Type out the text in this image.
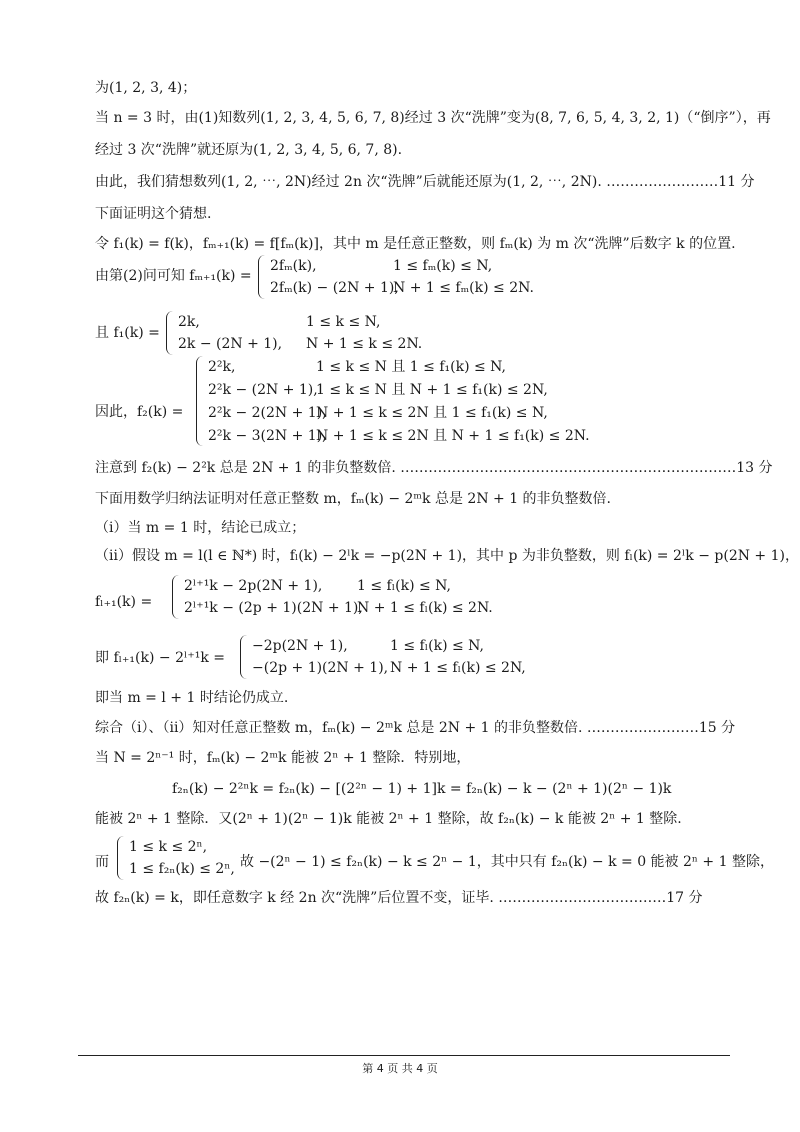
为(1, 2, 3, 4)；
当 n = 3 时，由(1)知数列(1, 2, 3, 4, 5, 6, 7, 8)经过 3 次“洗牌”变为(8, 7, 6, 5, 4, 3, 2, 1)（“倒序”），再
经过 3 次“洗牌”就还原为(1, 2, 3, 4, 5, 6, 7, 8).
由此，我们猜想数列(1, 2, ⋯, 2N)经过 2n 次“洗牌”后就能还原为(1, 2, ⋯, 2N). ……………………11 分
下面证明这个猜想.
令 f₁(k) = f(k)，fₘ₊₁(k) = f[fₘ(k)]，其中 m 是任意正整数，则 fₘ(k) 为 m 次“洗牌”后数字 k 的位置.
由第(2)问可知 fₘ₊₁(k) =
2fₘ(k),
2fₘ(k) − (2N + 1),
1 ≤ fₘ(k) ≤ N,
N + 1 ≤ fₘ(k) ≤ 2N.
且 f₁(k) =
2k,
2k − (2N + 1),
1 ≤ k ≤ N,
N + 1 ≤ k ≤ 2N.
因此，f₂(k) =
2²k,
2²k − (2N + 1),
2²k − 2(2N + 1),
2²k − 3(2N + 1),
1 ≤ k ≤ N 且 1 ≤ f₁(k) ≤ N,
1 ≤ k ≤ N 且 N + 1 ≤ f₁(k) ≤ 2N,
N + 1 ≤ k ≤ 2N 且 1 ≤ f₁(k) ≤ N,
N + 1 ≤ k ≤ 2N 且 N + 1 ≤ f₁(k) ≤ 2N.
注意到 f₂(k) − 2²k 总是 2N + 1 的非负整数倍. ………………………………………………………………13 分
下面用数学归纳法证明对任意正整数 m，fₘ(k) − 2ᵐk 总是 2N + 1 的非负整数倍.
（ⅰ）当 m = 1 时，结论已成立；
（ⅱ）假设 m = l(l ∈ ℕ*) 时，fₗ(k) − 2ˡk = −p(2N + 1)，其中 p 为非负整数，则 fₗ(k) = 2ˡk − p(2N + 1)，
fₗ₊₁(k) =
2ˡ⁺¹k − 2p(2N + 1),
2ˡ⁺¹k − (2p + 1)(2N + 1),
1 ≤ fₗ(k) ≤ N,
N + 1 ≤ fₗ(k) ≤ 2N.
即 fₗ₊₁(k) − 2ˡ⁺¹k =
−2p(2N + 1),
−(2p + 1)(2N + 1),
1 ≤ fₗ(k) ≤ N,
N + 1 ≤ fₗ(k) ≤ 2N,
即当 m = l + 1 时结论仍成立.
综合（ⅰ）、（ⅱ）知对任意正整数 m，fₘ(k) − 2ᵐk 总是 2N + 1 的非负整数倍. ……………………15 分
当 N = 2ⁿ⁻¹ 时，fₘ(k) − 2ᵐk 能被 2ⁿ + 1 整除．特别地，
f₂ₙ(k) − 2²ⁿk = f₂ₙ(k) − [(2²ⁿ − 1) + 1]k = f₂ₙ(k) − k − (2ⁿ + 1)(2ⁿ − 1)k
能被 2ⁿ + 1 整除．又(2ⁿ + 1)(2ⁿ − 1)k 能被 2ⁿ + 1 整除，故 f₂ₙ(k) − k 能被 2ⁿ + 1 整除.
而
1 ≤ k ≤ 2ⁿ,
1 ≤ f₂ₙ(k) ≤ 2ⁿ, 故 −(2ⁿ − 1) ≤ f₂ₙ(k) − k ≤ 2ⁿ − 1，其中只有 f₂ₙ(k) − k = 0 能被 2ⁿ + 1 整除，
故 f₂ₙ(k) = k，即任意数字 k 经 2n 次“洗牌”后位置不变，证毕. ………………………………17 分
第 4 页 共 4 页
